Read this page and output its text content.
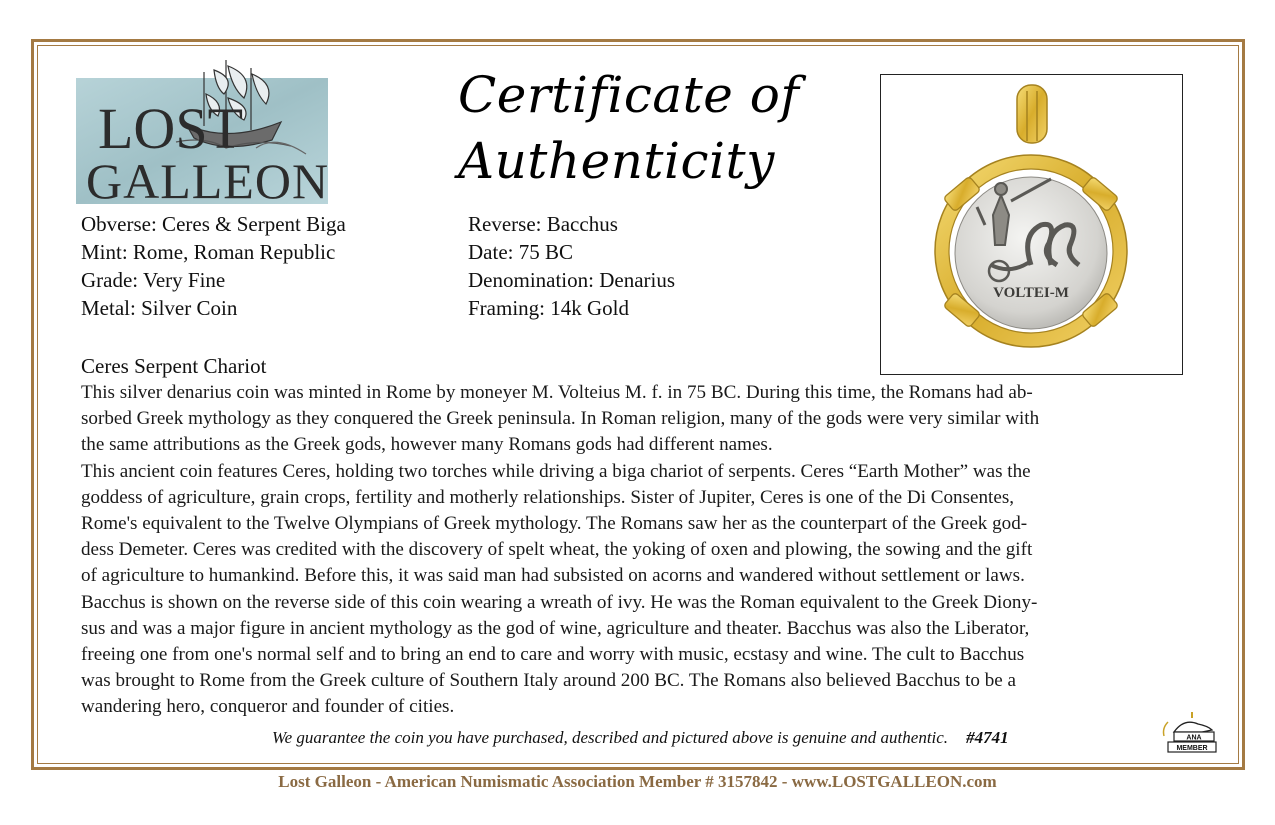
LOST
GALLEON
Certificate of
Authenticity
VOLTEI-M
Obverse: Ceres & Serpent Biga
Mint: Rome, Roman Republic
Grade: Very Fine
Metal: Silver Coin
Reverse: Bacchus
Date: 75 BC
Denomination: Denarius
Framing: 14k Gold
Ceres Serpent Chariot

This silver denarius coin was minted in Rome by moneyer M. Volteius M. f. in 75 BC. During this time, the Romans had ab-

sorbed Greek mythology as they conquered the Greek peninsula. In Roman religion, many of the gods were very similar with

the same attributions as the Greek gods, however many Romans gods had different names.

This ancient coin features Ceres, holding two torches while driving a biga chariot of serpents. Ceres “Earth Mother” was the

goddess of agriculture, grain crops, fertility and motherly relationships. Sister of Jupiter, Ceres is one of the Di Consentes,

Rome's equivalent to the Twelve Olympians of Greek mythology. The Romans saw her as the counterpart of the Greek god-

dess Demeter. Ceres was credited with the discovery of spelt wheat, the yoking of oxen and plowing, the sowing and the gift

of agriculture to humankind. Before this, it was said man had subsisted on acorns and wandered without settlement or laws.

Bacchus is shown on the reverse side of this coin wearing a wreath of ivy. He was the Roman equivalent to the Greek Diony-

sus and was a major figure in ancient mythology as the god of wine, agriculture and theater. Bacchus was also the Liberator,

freeing one from one's normal self and to bring an end to care and worry with music, ecstasy and wine. The cult to Bacchus

was brought to Rome from the Greek culture of Southern Italy around 200 BC. The Romans also believed Bacchus to be a

wandering hero, conqueror and founder of cities.

We guarantee the coin you have purchased, described and pictured above is genuine and authentic. #4741	ANA
MEMBER
Lost Galleon - American Numismatic Association Member # 3157842 - www.LOSTGALLEON.com
